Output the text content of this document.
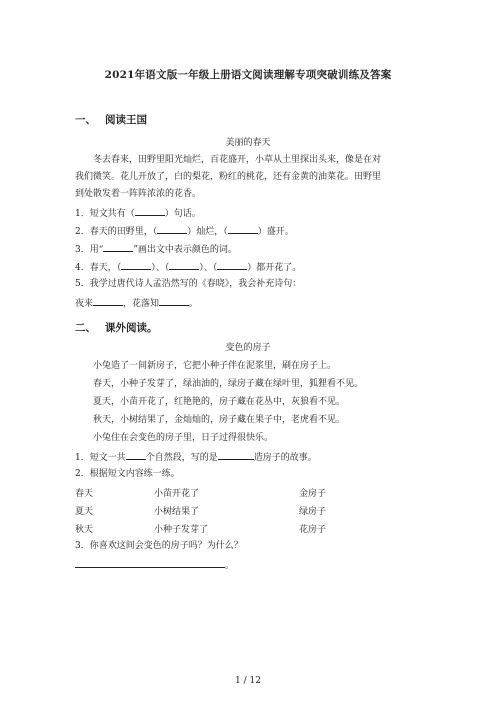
2021年语文版一年级上册语文阅读理解专项突破训练及答案
一、 阅读王国
美丽的春天
冬去春来，田野里阳光灿烂，百花盛开，小草从土里探出头来，像是在对
我们微笑。花儿开放了，白的梨花，粉红的桃花，还有金黄的油菜花。田野里
到处散发着一阵阵浓浓的花香。
1．短文共有（	）句话。
2．春天的田野里，（	）灿烂，（	）盛开。
3．用“	”画出文中表示颜色的词。
4．春天，（	）、（	）、（	）都开花了。
5．我学过唐代诗人孟浩然写的《春晓》，我会补充诗句：
夜来	，花落知	。
二、 课外阅读。
变色的房子
小兔造了一间新房子，它把小种子伴在泥浆里，刷在房子上。
春天，小种子发芽了，绿油油的，绿房子藏在绿叶里，狐狸看不见。
夏天，小苗开花了，红艳艳的，房子藏在花丛中，灰狼看不见。
秋天，小树结果了，金灿灿的，房子藏在果子中，老虎看不见。
小兔住在会变色的房子里，日子过得很快乐。
1．短文一共 个自然段，写的是	造房子的故事。
2．根据短文内容练一练。
春天	小苗开花了	金房子
夏天	小树结果了	绿房子
秋天	小种子发芽了	花房子
3．你喜欢这间会变色的房子吗？为什么？
。
1 / 12
